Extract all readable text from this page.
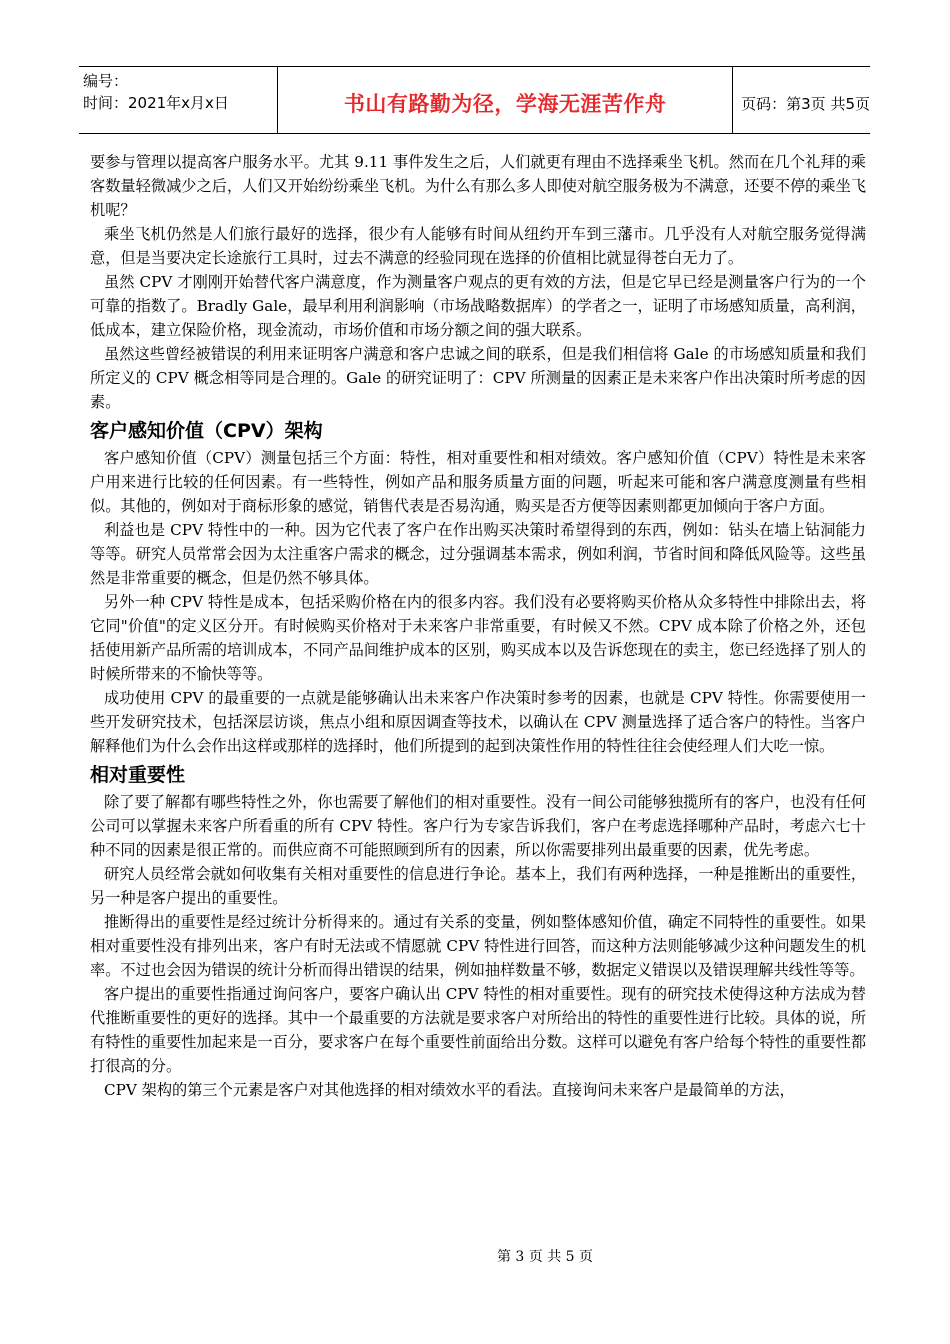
编号：
时间：2021年x月x日	书山有路勤为径，学海无涯苦作舟	页码：第3页 共5页

要参与管理以提高客户服务水平。尤其 9.11 事件发生之后，人们就更有理由不选择乘坐飞机。然而在几个礼拜的乘客数量轻微减少之后，人们又开始纷纷乘坐飞机。为什么有那么多人即使对航空服务极为不满意，还要不停的乘坐飞机呢？

乘坐飞机仍然是人们旅行最好的选择，很少有人能够有时间从纽约开车到三藩市。几乎没有人对航空服务觉得满意，但是当要决定长途旅行工具时，过去不满意的经验同现在选择的价值相比就显得苍白无力了。

虽然 CPV 才刚刚开始替代客户满意度，作为测量客户观点的更有效的方法，但是它早已经是测量客户行为的一个可靠的指数了。Bradly Gale，最早利用利润影响（市场战略数据库）的学者之一，证明了市场感知质量，高利润，低成本，建立保险价格，现金流动，市场价值和市场分额之间的强大联系。

虽然这些曾经被错误的利用来证明客户满意和客户忠诚之间的联系，但是我们相信将 Gale 的市场感知质量和我们所定义的 CPV 概念相等同是合理的。Gale 的研究证明了：CPV 所测量的因素正是未来客户作出决策时所考虑的因素。

客户感知价值（CPV）架构

客户感知价值（CPV）测量包括三个方面：特性，相对重要性和相对绩效。客户感知价值（CPV）特性是未来客户用来进行比较的任何因素。有一些特性，例如产品和服务质量方面的问题，听起来可能和客户满意度测量有些相似。其他的，例如对于商标形象的感觉，销售代表是否易沟通，购买是否方便等因素则都更加倾向于客户方面。

利益也是 CPV 特性中的一种。因为它代表了客户在作出购买决策时希望得到的东西，例如：钻头在墙上钻洞能力等等。研究人员常常会因为太注重客户需求的概念，过分强调基本需求，例如利润，节省时间和降低风险等。这些虽然是非常重要的概念，但是仍然不够具体。

另外一种 CPV 特性是成本，包括采购价格在内的很多内容。我们没有必要将购买价格从众多特性中排除出去，将它同"价值"的定义区分开。有时候购买价格对于未来客户非常重要，有时候又不然。CPV 成本除了价格之外，还包括使用新产品所需的培训成本，不同产品间维护成本的区别，购买成本以及告诉您现在的卖主，您已经选择了别人的时候所带来的不愉快等等。

成功使用 CPV 的最重要的一点就是能够确认出未来客户作决策时参考的因素，也就是 CPV 特性。你需要使用一些开发研究技术，包括深层访谈，焦点小组和原因调查等技术，以确认在 CPV 测量选择了适合客户的特性。当客户解释他们为什么会作出这样或那样的选择时，他们所提到的起到决策性作用的特性往往会使经理人们大吃一惊。

相对重要性

除了要了解都有哪些特性之外，你也需要了解他们的相对重要性。没有一间公司能够独揽所有的客户，也没有任何公司可以掌握未来客户所看重的所有 CPV 特性。客户行为专家告诉我们，客户在考虑选择哪种产品时，考虑六七十种不同的因素是很正常的。而供应商不可能照顾到所有的因素，所以你需要排列出最重要的因素，优先考虑。

研究人员经常会就如何收集有关相对重要性的信息进行争论。基本上，我们有两种选择，一种是推断出的重要性，另一种是客户提出的重要性。

推断得出的重要性是经过统计分析得来的。通过有关系的变量，例如整体感知价值，确定不同特性的重要性。如果相对重要性没有排列出来，客户有时无法或不情愿就 CPV 特性进行回答，而这种方法则能够减少这种问题发生的机率。不过也会因为错误的统计分析而得出错误的结果，例如抽样数量不够，数据定义错误以及错误理解共线性等等。

客户提出的重要性指通过询问客户，要客户确认出 CPV 特性的相对重要性。现有的研究技术使得这种方法成为替代推断重要性的更好的选择。其中一个最重要的方法就是要求客户对所给出的特性的重要性进行比较。具体的说，所有特性的重要性加起来是一百分，要求客户在每个重要性前面给出分数。这样可以避免有客户给每个特性的重要性都打很高的分。

CPV 架构的第三个元素是客户对其他选择的相对绩效水平的看法。直接询问未来客户是最简单的方法，

第 3 页 共 5 页
